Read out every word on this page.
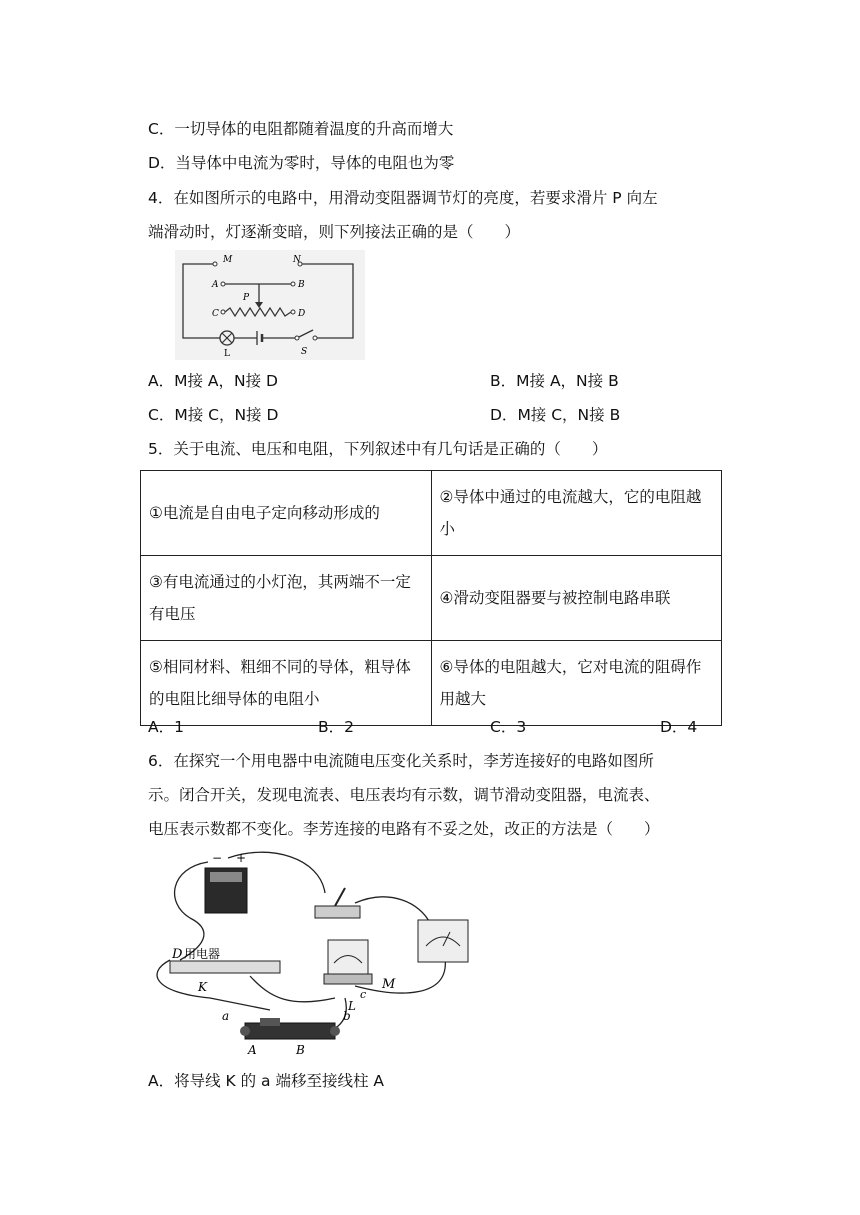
C．一切导体的电阻都随着温度的升高而增大
D．当导体中电流为零时，导体的电阻也为零
4．在如图所示的电路中，用滑动变阻器调节灯的亮度，若要求滑片 P 向左
端滑动时，灯逐渐变暗，则下列接法正确的是（　　）
M	N
A	B
P
C	D
L	S
A．M接 A，N接 D	B．M接 A，N接 B
C．M接 C，N接 D	D．M接 C，N接 B
5．关于电流、电压和电阻，下列叙述中有几句话是正确的（　　）
①电流是自由电子定向移动形成的	②导体中通过的电流越大，它的电阻越小
③有电流通过的小灯泡，其两端不一定有电压	④滑动变阻器要与被控制电路串联
⑤相同材料、粗细不同的导体，粗导体的电阻比细导体的电阻小	⑥导体的电阻越大，它对电流的阻碍作用越大
A．1	B．2	C．3	D．4
6．在探究一个用电器中电流随电压变化关系时，李芳连接好的电路如图所
示。闭合开关，发现电流表、电压表均有示数，调节滑动变阻器，电流表、
电压表示数都不变化。李芳连接的电路有不妥之处，改正的方法是（　　）
− +
M
c
L
D 用电器
K
a	b
A	B
A．将导线 K 的 a 端移至接线柱 A
